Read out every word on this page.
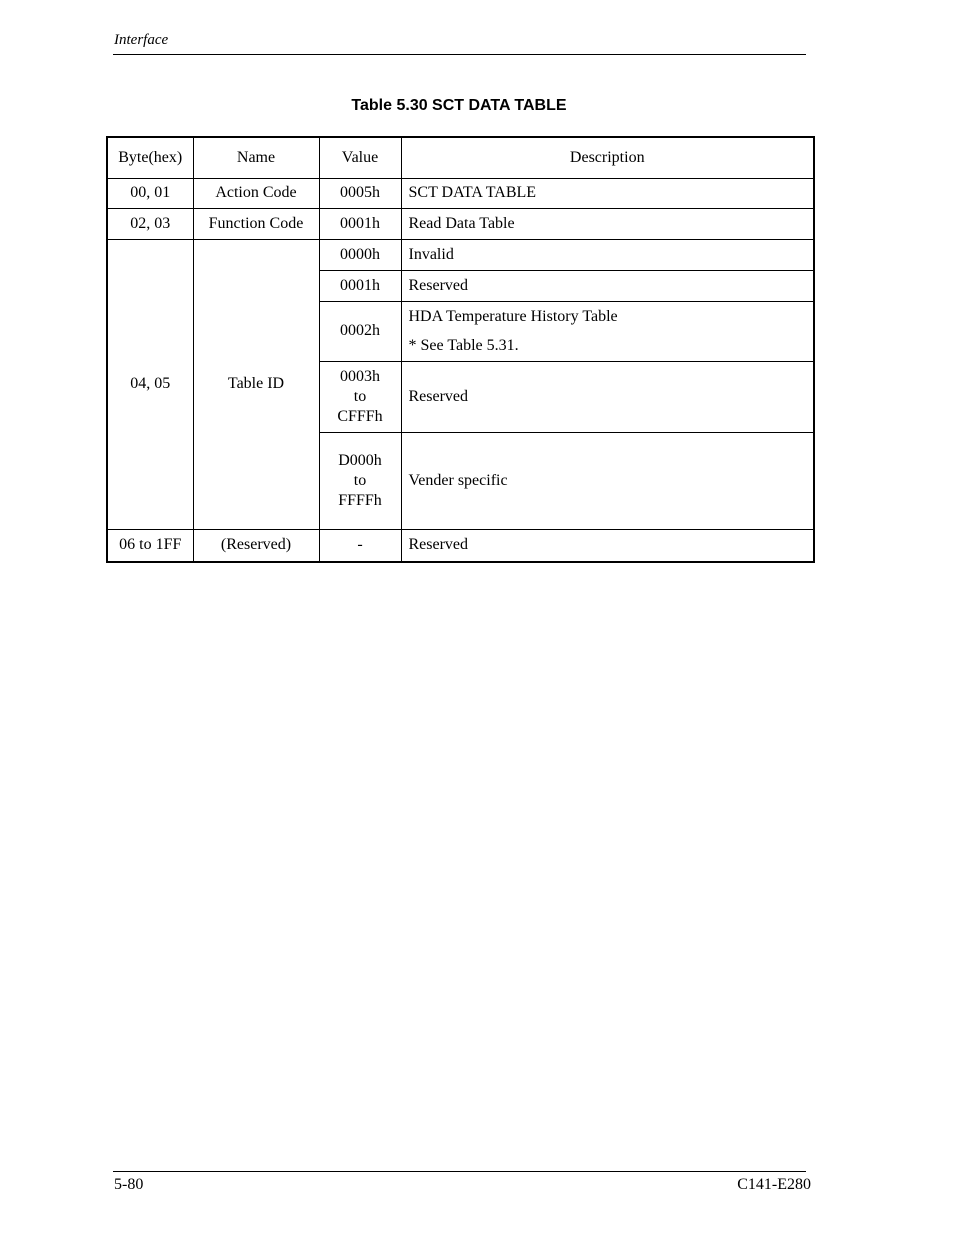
Interface
Table 5.30 SCT DATA TABLE
Byte(hex)	Name	Value	Description
00, 01	Action Code	0005h	SCT DATA TABLE
02, 03	Function Code	0001h	Read Data Table
04, 05	Table ID	0000h	Invalid
		0001h	Reserved
		0002h	HDA Temperature History Table
* See Table 5.31.

		0003h
to
CFFFh	Reserved

		D000h
to
FFFFh	Vender specific
06 to 1FF	(Reserved)	-	Reserved
5-80	C141-E280
